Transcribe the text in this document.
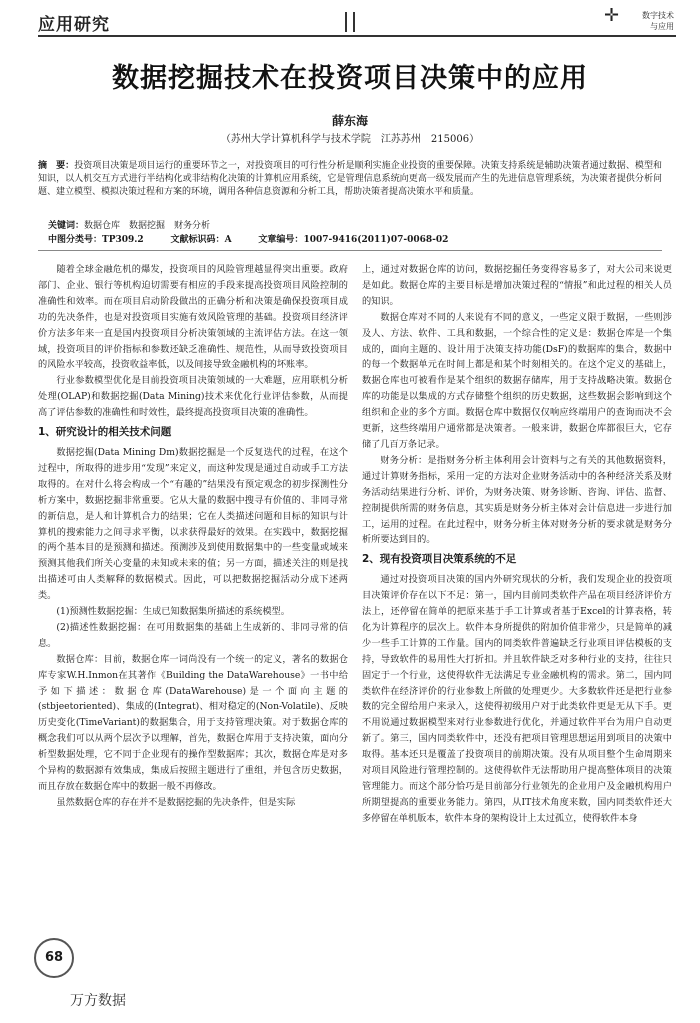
应用研究	✛	数字技术
与应用
数据挖掘技术在投资项目决策中的应用
薛东海
（苏州大学计算机科学与技术学院　江苏苏州　215006）
摘　要：投资项目决策是项目运行的重要环节之一，对投资项目的可行性分析是顺利实施企业投资的重要保障。决策支持系统是辅助决策者通过数据、模型和知识，以人机交互方式进行半结构化或非结构化决策的计算机应用系统，它是管理信息系统向更高一级发展而产生的先进信息管理系统，为决策者提供分析问题、建立模型、模拟决策过程和方案的环境，调用各种信息资源和分析工具，帮助决策者提高决策水平和质量。
关键词：数据仓库　数据挖掘　财务分析
中图分类号：TP309.2	文献标识码：A	文章编号：1007-9416(2011)07-0068-02

随着全球金融危机的爆发，投资项目的风险管理越显得突出重要。政府部门、企业、银行等机构迫切需要有相应的手段来提高投资项目风险控制的准确性和效率。而在项目启动阶段做出的正确分析和决策是确保投资项目成功的先决条件，也是对投资项目实施有效风险管理的基础。投资项目经济评价方法多年来一直是国内投资项目分析决策领域的主流评估方法。在这一领域，投资项目的评价指标和参数还缺乏准确性、规范性，从而导致投资项目的风险水平较高，投资收益率低，以及间接导致金融机构的坏账率。

行业参数模型优化是目前投资项目决策领域的一大难题，应用联机分析处理(OLAP)和数据挖掘(Data Mining)技术来优化行业评估参数，从而提高了评估参数的准确性和时效性，最终提高投资项目决策的准确性。

1、研究设计的相关技术问题

数据挖掘(Data Mining Dm)数据挖掘是一个反复迭代的过程，在这个过程中，所取得的进步用“发现”来定义，而这种发现是通过自动或手工方法取得的。在对什么将会构成一个“有趣的”结果没有预定观念的初步探测性分析方案中，数据挖掘非常重要。它从大量的数据中搜寻有价值的、非同寻常的新信息，是人和计算机合力的结果；它在人类描述问题和目标的知识与计算机的搜索能力之间寻求平衡，以求获得最好的效果。在实践中，数据挖掘的两个基本目的是预测和描述。预测涉及到使用数据集中的一些变量或域来预测其他我们所关心变量的未知或未来的值；另一方面，描述关注的则是找出描述可由人类解释的数据模式。因此，可以把数据挖掘活动分成下述两类。

(1)预测性数据挖掘：生成已知数据集所描述的系统模型。

(2)描述性数据挖掘：在可用数据集的基础上生成新的、非同寻常的信息。

数据仓库：目前，数据仓库一词尚没有一个统一的定义，著名的数据仓库专家W.H.Inmon在其著作《Building the DataWarehouse》一书中给予如下描述：数据仓库(DataWarehouse)是一个面向主题的(stbjeetoriented)、集成的(Integrat)、相对稳定的(Non-Volatile)、反映历史变化(TimeVariant)的数据集合，用于支持管理决策。对于数据仓库的概念我们可以从两个层次予以理解，首先，数据仓库用于支持决策，面向分析型数据处理，它不同于企业现有的操作型数据库；其次，数据仓库是对多个异构的数据源有效集成，集成后按照主题进行了重组，并包含历史数据，而且存放在数据仓库中的数据一般不再修改。

虽然数据仓库的存在并不是数据挖掘的先决条件，但是实际

上，通过对数据仓库的访问，数据挖掘任务变得容易多了，对大公司来说更是如此。数据仓库的主要目标是增加决策过程的“情报”和此过程的相关人员的知识。

数据仓库对不同的人来说有不同的意义，一些定义限于数据，一些则涉及人、方法、软件、工具和数据，一个综合性的定义是：数据仓库是一个集成的，面向主题的、设计用于决策支持功能(DsF)的数据库的集合，数据中的每一个数据单元在时间上都是和某个时刻相关的。在这个定义的基础上，数据仓库也可被看作是某个组织的数据存储库，用于支持战略决策。数据仓库的功能是以集成的方式存储整个组织的历史数据，这些数据会影响到这个组织和企业的多个方面。数据仓库中数据仅仅响应终端用户的查询而决不会更新，这些终端用户通常都是决策者。一般来讲，数据仓库都很巨大，它存储了几百万条记录。

财务分析：是指财务分析主体利用会计资料与之有关的其他数据资料，通过计算财务指标，采用一定的方法对企业财务活动中的各种经济关系及财务活动结果进行分析、评价，为财务决策、财务诊断、咨询、评估、监督、控制提供所需的财务信息，其实质是财务分析主体对会计信息进一步进行加工，运用的过程。在此过程中，财务分析主体对财务分析的要求就是财务分析所要达到目的。

2、现有投资项目决策系统的不足

通过对投资项目决策的国内外研究现状的分析，我们发现企业的投资项目决策评价存在以下不足：第一，国内目前同类软件产品在项目经济评价方法上，还停留在简单的把原来基于手工计算或者基于Excel的计算表格，转化为计算程序的层次上。软件本身所提供的附加价值非常少，只是简单的减少一些手工计算的工作量。国内的同类软件普遍缺乏行业项目评估模板的支持，导致软件的易用性大打折扣。并且软件缺乏对多种行业的支持，往往只固定于一个行业，这使得软件无法满足专业金融机构的需求。第二，国内同类软件在经济评价的行业参数上所做的处理更少。大多数软件还是把行业参数的完全留给用户来录入，这使得初级用户对于此类软件更是无从下手。更不用说通过数据模型来对行业参数进行优化，并通过软件平台为用户自动更新了。第三，国内同类软件中，还没有把项目管理思想运用到项目的决策中取得。基本还只是覆盖了投资项目的前期决策。没有从项目整个生命周期来对项目风险进行管理控制的。这使得软件无法帮助用户提高整体项目的决策管理能力。而这个部分恰巧是目前部分行业领先的企业用户及金融机构用户所期望提高的重要业务能力。第四，从IT技术角度来数，国内同类软件还大多停留在单机版本，软件本身的架构设计上太过孤立，使得软件本身

68
万方数据
